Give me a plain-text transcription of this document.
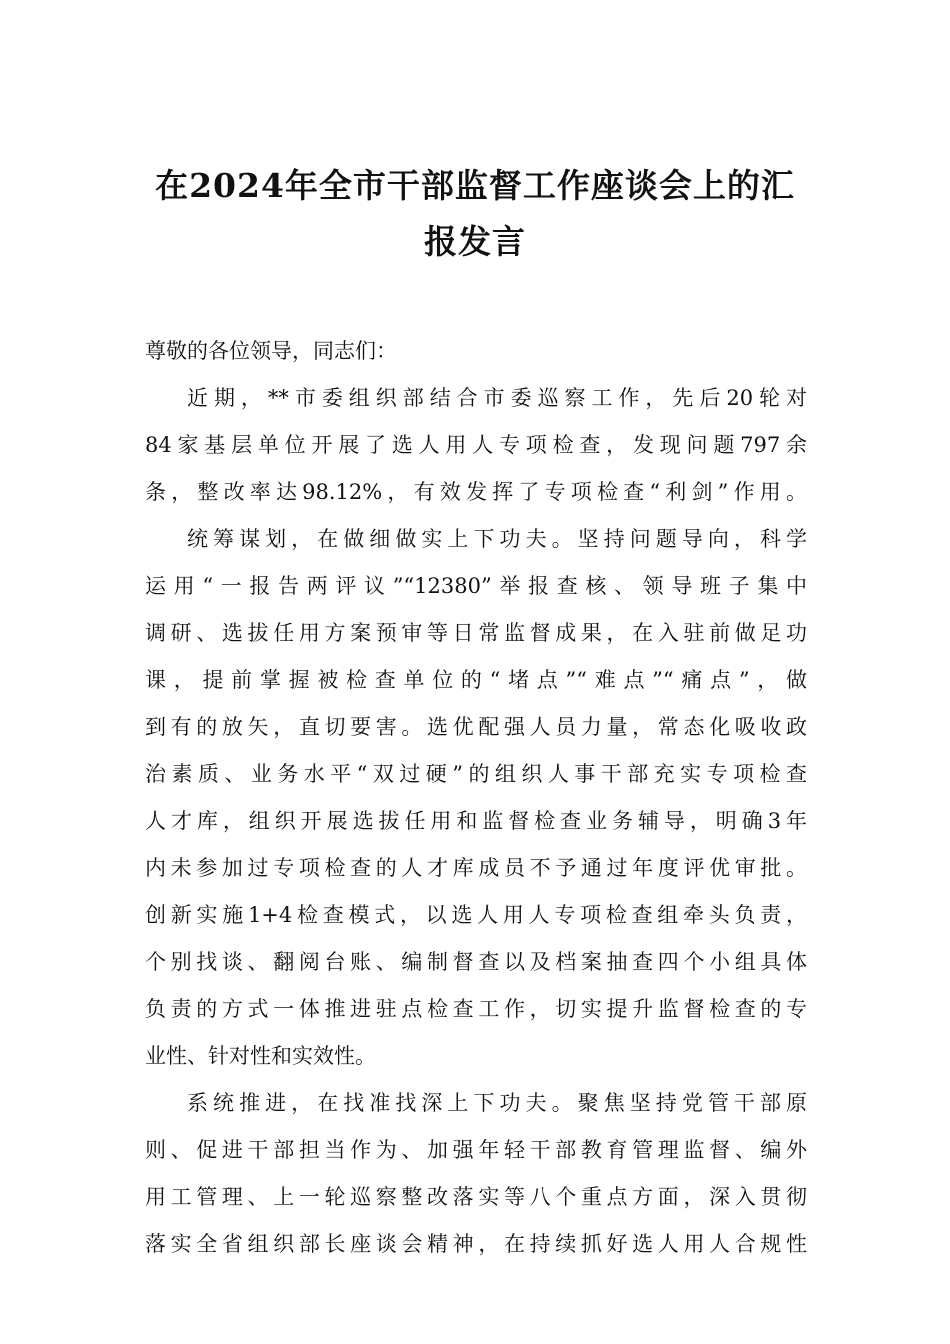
在2024年全市干部监督工作座谈会上的汇
报发言
尊敬的各位领导，同志们：
近期，**市委组织部结合市委巡察工作，先后20轮对
84家基层单位开展了选人用人专项检查，发现问题797余
条，整改率达98.12%，有效发挥了专项检查“利剑”作用。
统筹谋划，在做细做实上下功夫。坚持问题导向，科学
运用“一报告两评议”“12380”举报查核、领导班子集中
调研、选拔任用方案预审等日常监督成果，在入驻前做足功
课，提前掌握被检查单位的“堵点”“难点”“痛点”，做
到有的放矢，直切要害。选优配强人员力量，常态化吸收政
治素质、业务水平“双过硬”的组织人事干部充实专项检查
人才库，组织开展选拔任用和监督检查业务辅导，明确3年
内未参加过专项检查的人才库成员不予通过年度评优审批。
创新实施1+4检查模式，以选人用人专项检查组牵头负责，
个别找谈、翻阅台账、编制督查以及档案抽查四个小组具体
负责的方式一体推进驻点检查工作，切实提升监督检查的专
业性、针对性和实效性。
系统推进，在找准找深上下功夫。聚焦坚持党管干部原
则、促进干部担当作为、加强年轻干部教育管理监督、编外
用工管理、上一轮巡察整改落实等八个重点方面，深入贯彻
落实全省组织部长座谈会精神，在持续抓好选人用人合规性
